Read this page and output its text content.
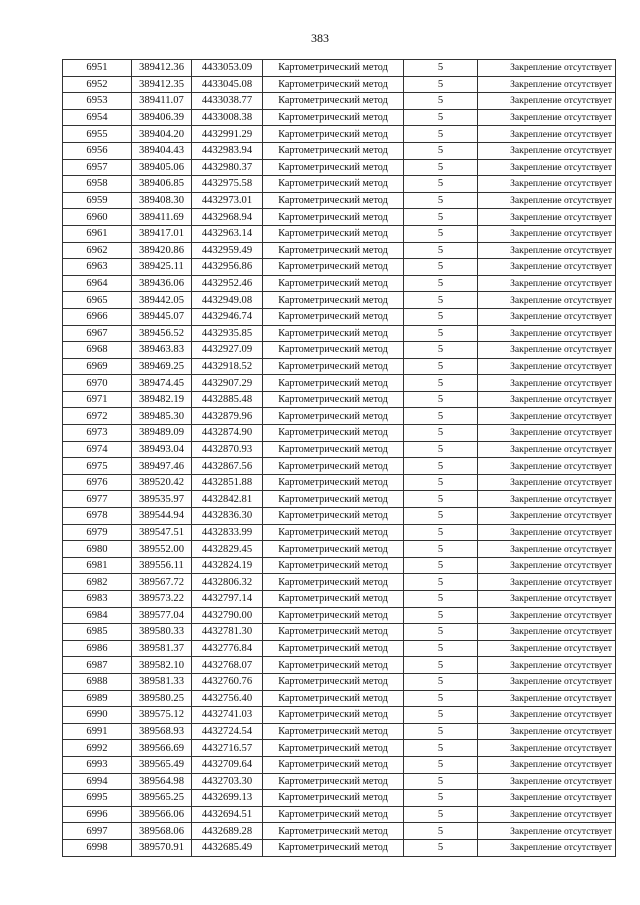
383
6951	389412.36	4433053.09	Картометрический метод	5	Закрепление отсутствует
6952	389412.35	4433045.08	Картометрический метод	5	Закрепление отсутствует
6953	389411.07	4433038.77	Картометрический метод	5	Закрепление отсутствует
6954	389406.39	4433008.38	Картометрический метод	5	Закрепление отсутствует
6955	389404.20	4432991.29	Картометрический метод	5	Закрепление отсутствует
6956	389404.43	4432983.94	Картометрический метод	5	Закрепление отсутствует
6957	389405.06	4432980.37	Картометрический метод	5	Закрепление отсутствует
6958	389406.85	4432975.58	Картометрический метод	5	Закрепление отсутствует
6959	389408.30	4432973.01	Картометрический метод	5	Закрепление отсутствует
6960	389411.69	4432968.94	Картометрический метод	5	Закрепление отсутствует
6961	389417.01	4432963.14	Картометрический метод	5	Закрепление отсутствует
6962	389420.86	4432959.49	Картометрический метод	5	Закрепление отсутствует
6963	389425.11	4432956.86	Картометрический метод	5	Закрепление отсутствует
6964	389436.06	4432952.46	Картометрический метод	5	Закрепление отсутствует
6965	389442.05	4432949.08	Картометрический метод	5	Закрепление отсутствует
6966	389445.07	4432946.74	Картометрический метод	5	Закрепление отсутствует
6967	389456.52	4432935.85	Картометрический метод	5	Закрепление отсутствует
6968	389463.83	4432927.09	Картометрический метод	5	Закрепление отсутствует
6969	389469.25	4432918.52	Картометрический метод	5	Закрепление отсутствует
6970	389474.45	4432907.29	Картометрический метод	5	Закрепление отсутствует
6971	389482.19	4432885.48	Картометрический метод	5	Закрепление отсутствует
6972	389485.30	4432879.96	Картометрический метод	5	Закрепление отсутствует
6973	389489.09	4432874.90	Картометрический метод	5	Закрепление отсутствует
6974	389493.04	4432870.93	Картометрический метод	5	Закрепление отсутствует
6975	389497.46	4432867.56	Картометрический метод	5	Закрепление отсутствует
6976	389520.42	4432851.88	Картометрический метод	5	Закрепление отсутствует
6977	389535.97	4432842.81	Картометрический метод	5	Закрепление отсутствует
6978	389544.94	4432836.30	Картометрический метод	5	Закрепление отсутствует
6979	389547.51	4432833.99	Картометрический метод	5	Закрепление отсутствует
6980	389552.00	4432829.45	Картометрический метод	5	Закрепление отсутствует
6981	389556.11	4432824.19	Картометрический метод	5	Закрепление отсутствует
6982	389567.72	4432806.32	Картометрический метод	5	Закрепление отсутствует
6983	389573.22	4432797.14	Картометрический метод	5	Закрепление отсутствует
6984	389577.04	4432790.00	Картометрический метод	5	Закрепление отсутствует
6985	389580.33	4432781.30	Картометрический метод	5	Закрепление отсутствует
6986	389581.37	4432776.84	Картометрический метод	5	Закрепление отсутствует
6987	389582.10	4432768.07	Картометрический метод	5	Закрепление отсутствует
6988	389581.33	4432760.76	Картометрический метод	5	Закрепление отсутствует
6989	389580.25	4432756.40	Картометрический метод	5	Закрепление отсутствует
6990	389575.12	4432741.03	Картометрический метод	5	Закрепление отсутствует
6991	389568.93	4432724.54	Картометрический метод	5	Закрепление отсутствует
6992	389566.69	4432716.57	Картометрический метод	5	Закрепление отсутствует
6993	389565.49	4432709.64	Картометрический метод	5	Закрепление отсутствует
6994	389564.98	4432703.30	Картометрический метод	5	Закрепление отсутствует
6995	389565.25	4432699.13	Картометрический метод	5	Закрепление отсутствует
6996	389566.06	4432694.51	Картометрический метод	5	Закрепление отсутствует
6997	389568.06	4432689.28	Картометрический метод	5	Закрепление отсутствует
6998	389570.91	4432685.49	Картометрический метод	5	Закрепление отсутствует
